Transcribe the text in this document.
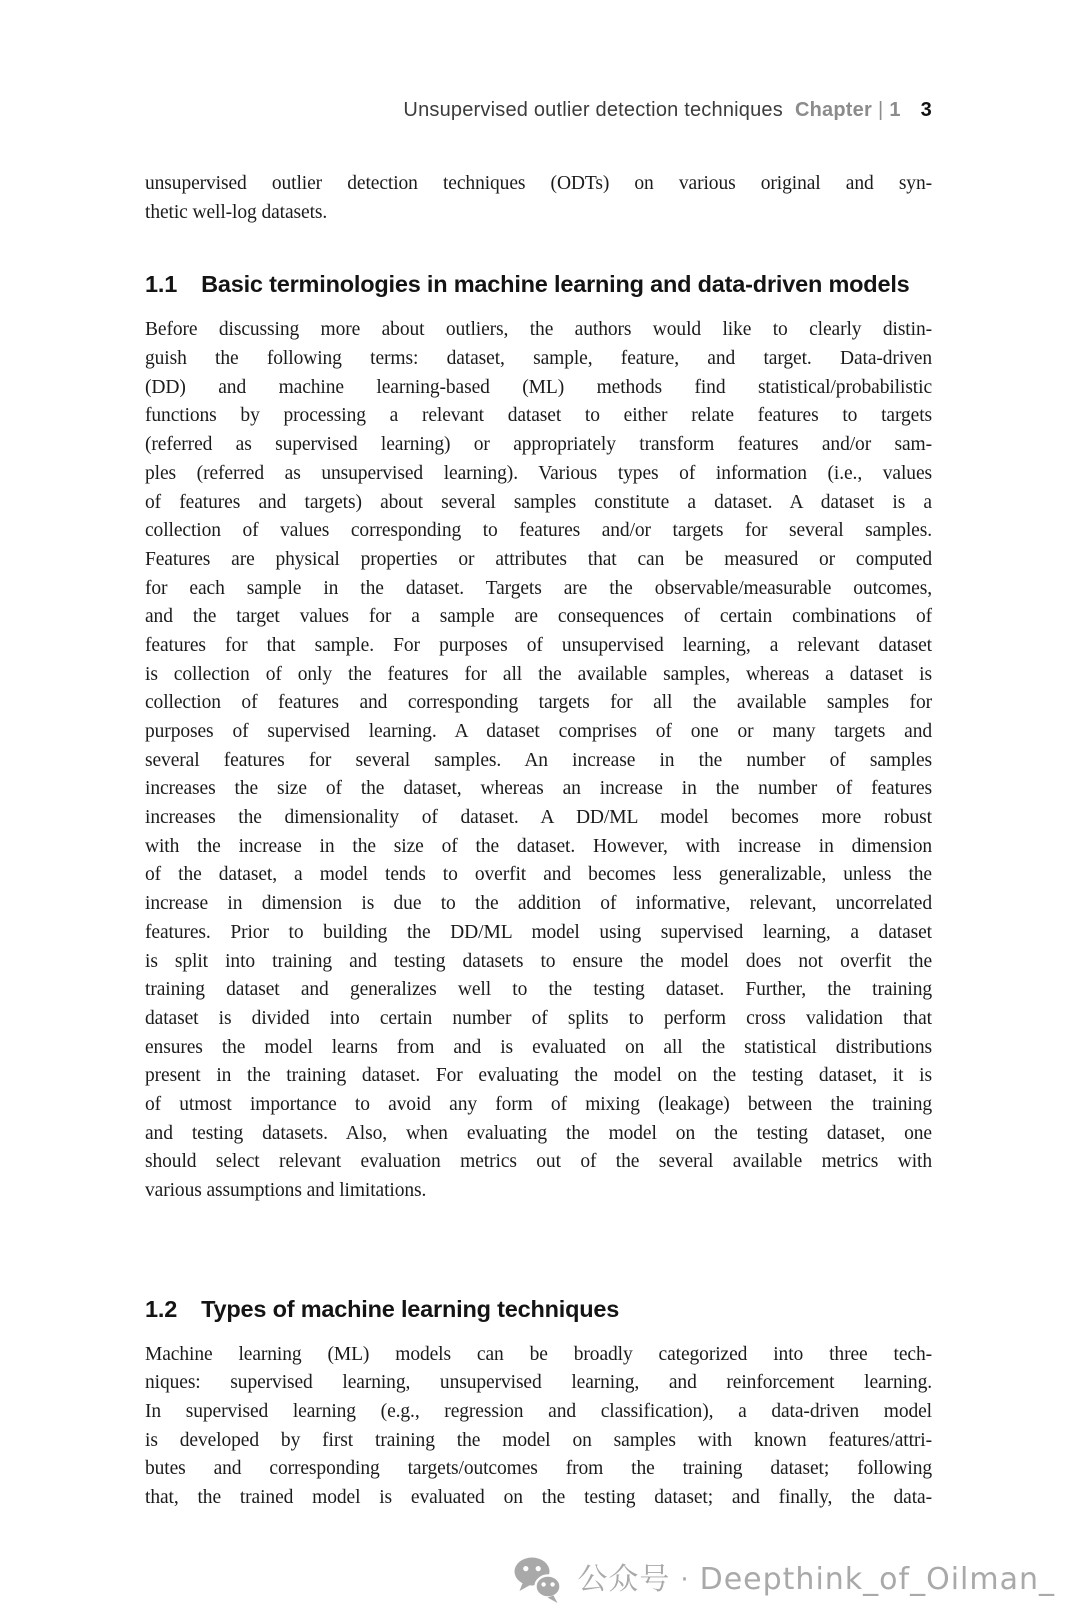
Unsupervised outlier detection techniques Chapter | 1 3
unsupervised outlier detection techniques (ODTs) on various original and syn-
thetic well-log datasets.
1.1 Basic terminologies in machine learning and data-driven models
Before discussing more about outliers, the authors would like to clearly distin-
guish the following terms: dataset, sample, feature, and target. Data-driven
(DD) and machine learning-based (ML) methods find statistical/probabilistic
functions by processing a relevant dataset to either relate features to targets
(referred as supervised learning) or appropriately transform features and/or sam-
ples (referred as unsupervised learning). Various types of information (i.e., values
of features and targets) about several samples constitute a dataset. A dataset is a
collection of values corresponding to features and/or targets for several samples.
Features are physical properties or attributes that can be measured or computed
for each sample in the dataset. Targets are the observable/measurable outcomes,
and the target values for a sample are consequences of certain combinations of
features for that sample. For purposes of unsupervised learning, a relevant dataset
is collection of only the features for all the available samples, whereas a dataset is
collection of features and corresponding targets for all the available samples for
purposes of supervised learning. A dataset comprises of one or many targets and
several features for several samples. An increase in the number of samples
increases the size of the dataset, whereas an increase in the number of features
increases the dimensionality of dataset. A DD/ML model becomes more robust
with the increase in the size of the dataset. However, with increase in dimension
of the dataset, a model tends to overfit and becomes less generalizable, unless the
increase in dimension is due to the addition of informative, relevant, uncorrelated
features. Prior to building the DD/ML model using supervised learning, a dataset
is split into training and testing datasets to ensure the model does not overfit the
training dataset and generalizes well to the testing dataset. Further, the training
dataset is divided into certain number of splits to perform cross validation that
ensures the model learns from and is evaluated on all the statistical distributions
present in the training dataset. For evaluating the model on the testing dataset, it is
of utmost importance to avoid any form of mixing (leakage) between the training
and testing datasets. Also, when evaluating the model on the testing dataset, one
should select relevant evaluation metrics out of the several available metrics with
various assumptions and limitations.
1.2 Types of machine learning techniques
Machine learning (ML) models can be broadly categorized into three tech-
niques: supervised learning, unsupervised learning, and reinforcement learning.
In supervised learning (e.g., regression and classification), a data-driven model
is developed by first training the model on samples with known features/attri-
butes and corresponding targets/outcomes from the training dataset; following
that, the trained model is evaluated on the testing dataset; and finally, the data-
公众号 · Deepthink_of_Oilman_
